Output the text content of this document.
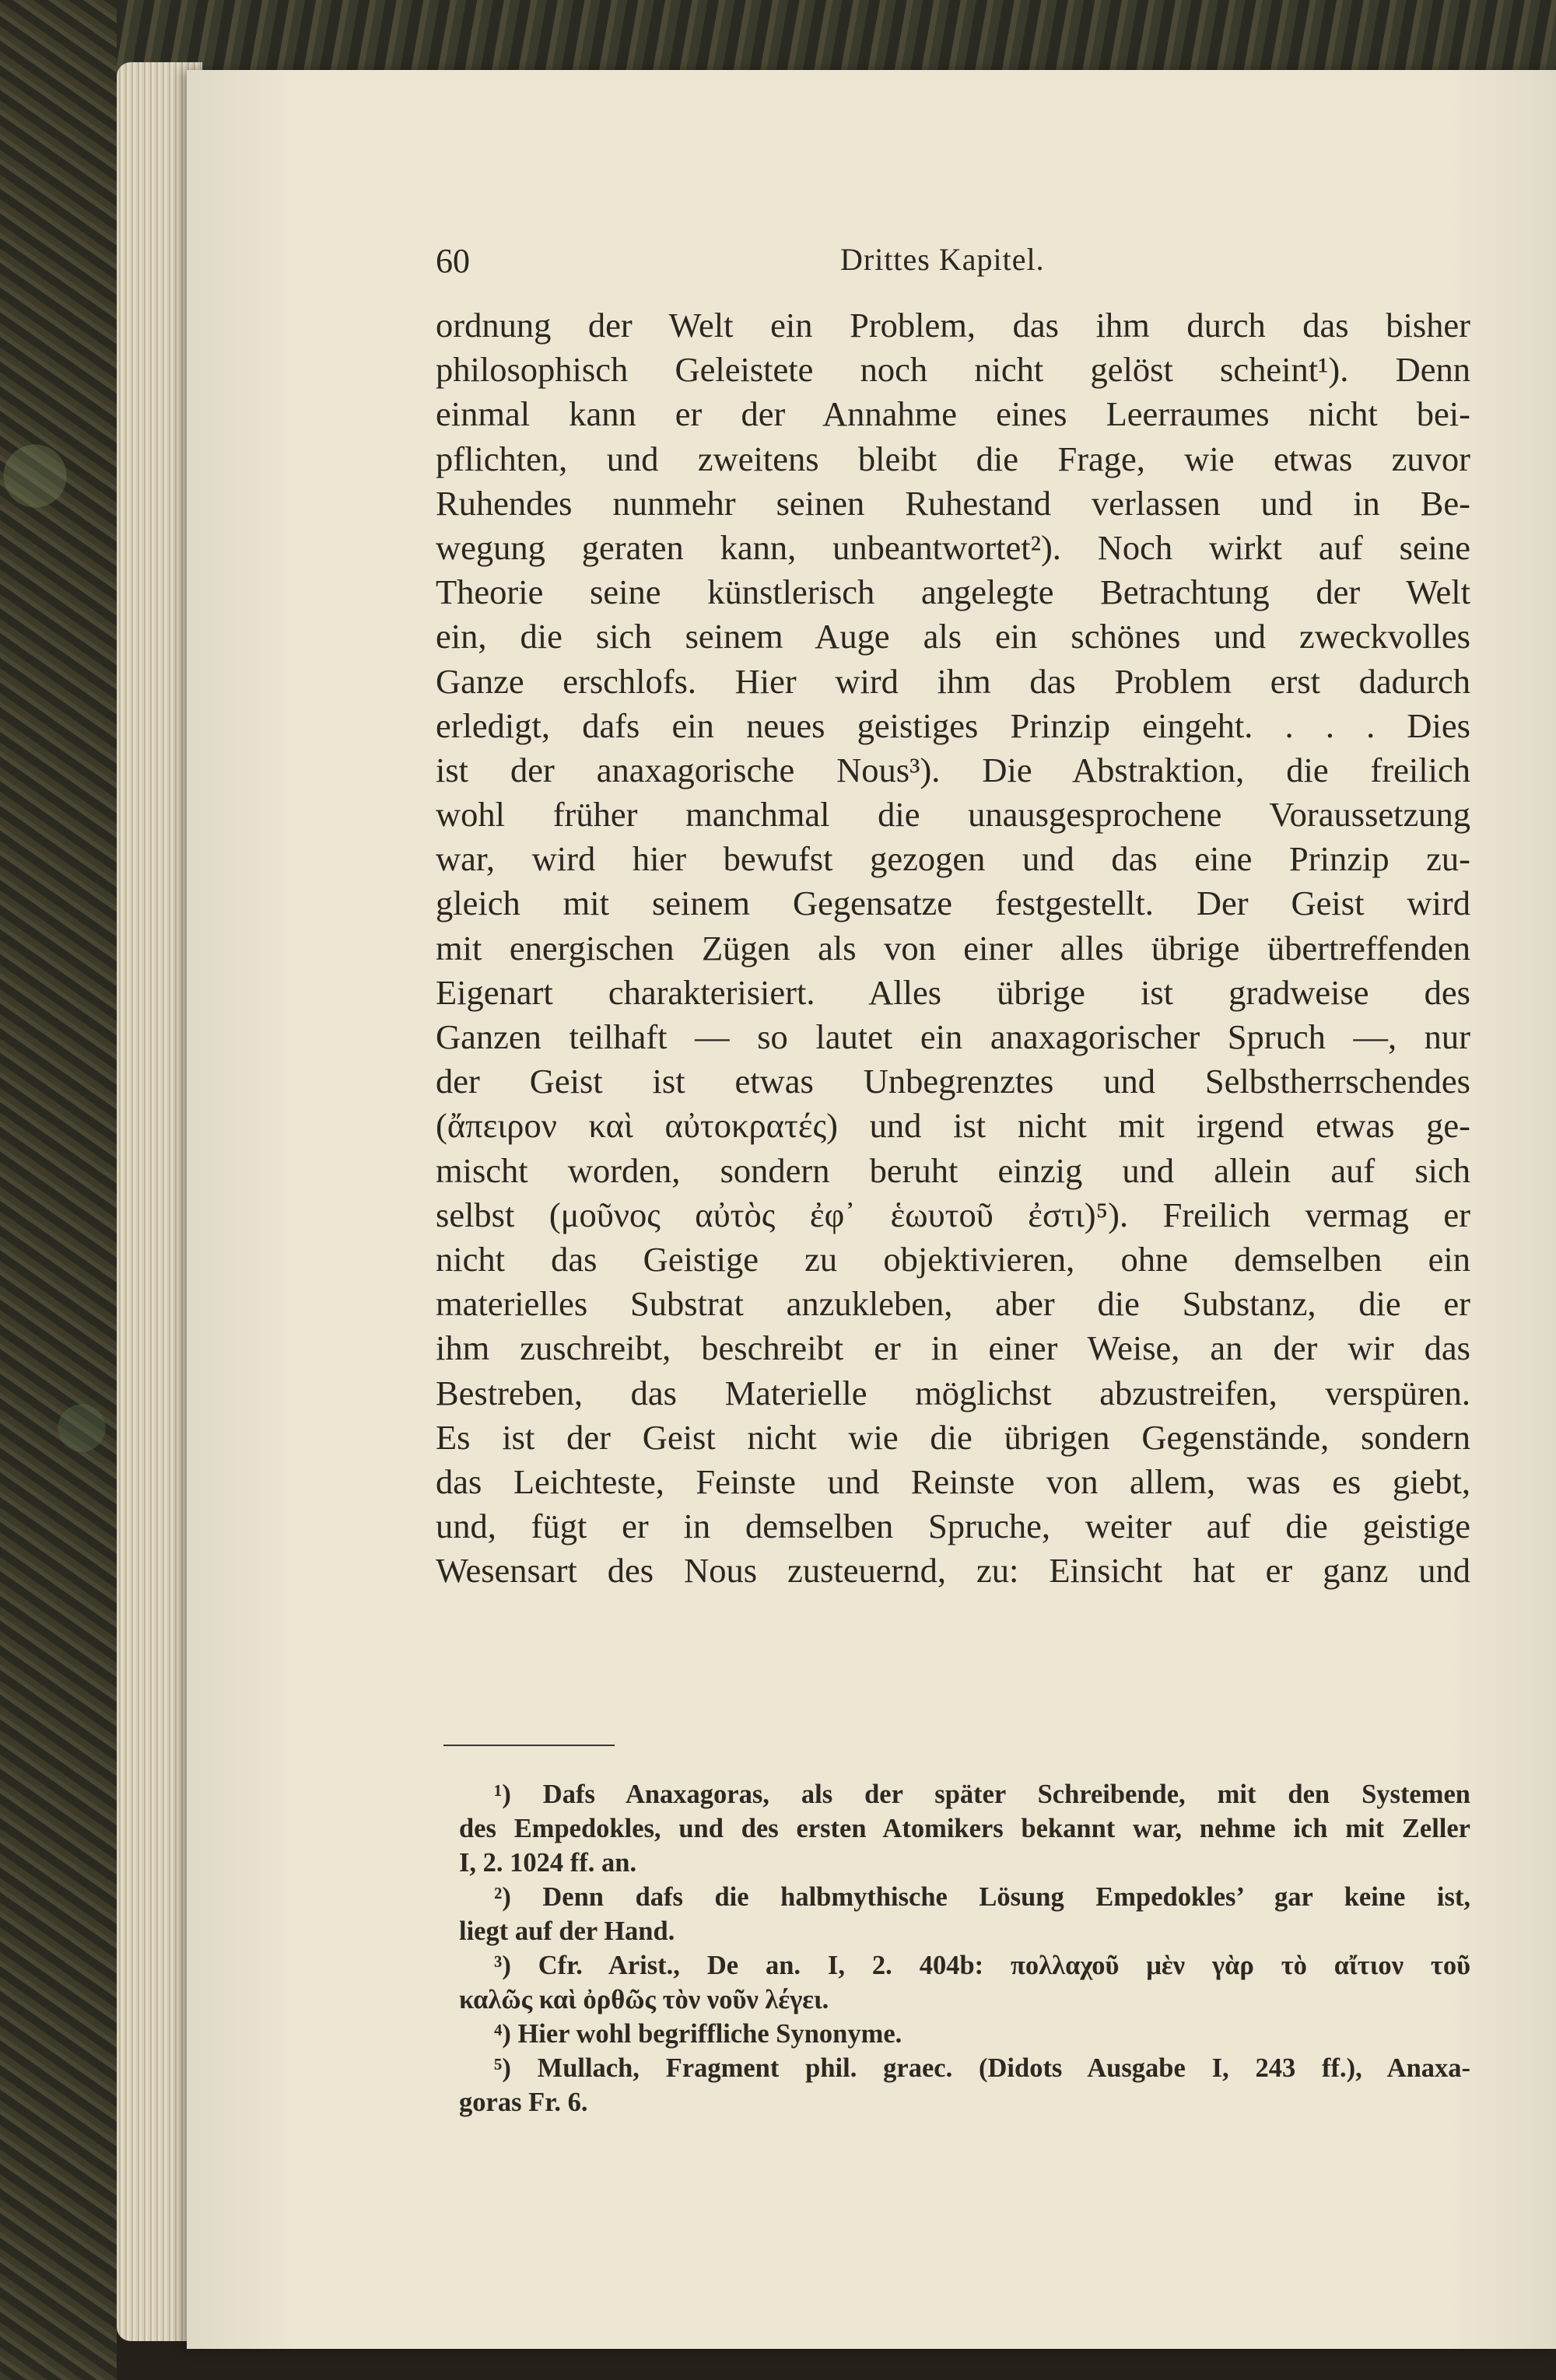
60	Drittes Kapitel.
ordnung der Welt ein Problem, das ihm durch das bisher
philosophisch Geleistete noch nicht gelöst scheint¹). Denn
einmal kann er der Annahme eines Leerraumes nicht bei-
pflichten, und zweitens bleibt die Frage, wie etwas zuvor
Ruhendes nunmehr seinen Ruhestand verlassen und in Be-
wegung geraten kann, unbeantwortet²). Noch wirkt auf seine
Theorie seine künstlerisch angelegte Betrachtung der Welt
ein, die sich seinem Auge als ein schönes und zweckvolles
Ganze erschlofs. Hier wird ihm das Problem erst dadurch
erledigt, dafs ein neues geistiges Prinzip eingeht. . . . Dies
ist der anaxagorische Nous³). Die Abstraktion, die freilich
wohl früher manchmal die unausgesprochene Voraussetzung
war, wird hier bewufst gezogen und das eine Prinzip zu-
gleich mit seinem Gegensatze festgestellt. Der Geist wird
mit energischen Zügen als von einer alles übrige übertreffenden
Eigenart charakterisiert. Alles übrige ist gradweise des
Ganzen teilhaft — so lautet ein anaxagorischer Spruch —, nur
der Geist ist etwas Unbegrenztes und Selbstherrschendes
(ἄπειρον καὶ αὐτοκρατές) und ist nicht mit irgend etwas ge-
mischt worden, sondern beruht einzig und allein auf sich
selbst (μοῦνος αὐτὸς ἐφ᾽ ἑωυτοῦ ἐστι)⁵). Freilich vermag er
nicht das Geistige zu objektivieren, ohne demselben ein
materielles Substrat anzukleben, aber die Substanz, die er
ihm zuschreibt, beschreibt er in einer Weise, an der wir das
Bestreben, das Materielle möglichst abzustreifen, verspüren.
Es ist der Geist nicht wie die übrigen Gegenstände, sondern
das Leichteste, Feinste und Reinste von allem, was es giebt,
und, fügt er in demselben Spruche, weiter auf die geistige
Wesensart des Nous zusteuernd, zu: Einsicht hat er ganz und
¹) Dafs Anaxagoras, als der später Schreibende, mit den Systemen
des Empedokles, und des ersten Atomikers bekannt war, nehme ich mit Zeller
I, 2. 1024 ff. an.
²) Denn dafs die halbmythische Lösung Empedokles’ gar keine ist,
liegt auf der Hand.
³) Cfr. Arist., De an. I, 2. 404b: πολλαχοῦ μὲν γὰρ τὸ αἴτιον τοῦ
καλῶς καὶ ὀρθῶς τὸν νοῦν λέγει.
⁴) Hier wohl begriffliche Synonyme.
⁵) Mullach, Fragment phil. graec. (Didots Ausgabe I, 243 ff.), Anaxa-
goras Fr. 6.
